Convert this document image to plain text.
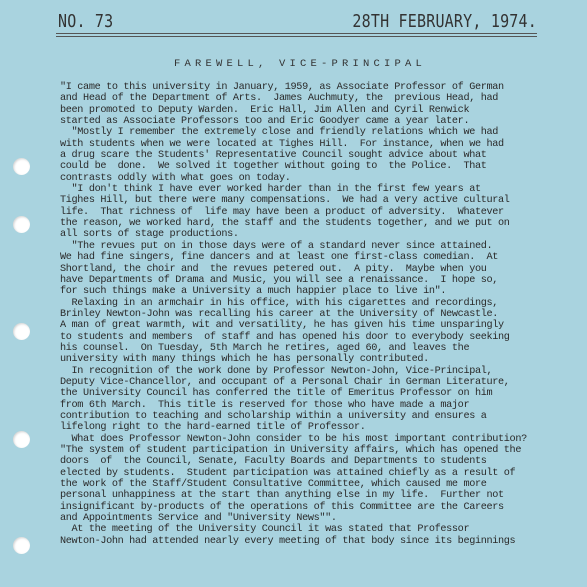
NO. 73	28TH FEBRUARY, 1974.
FAREWELL, VICE-PRINCIPAL
"I came to this university in January, 1959, as Associate Professor of German
and Head of the Department of Arts.  James Auchmuty, the  previous Head, had
been promoted to Deputy Warden.  Eric Hall, Jim Allen and Cyril Renwick
started as Associate Professors too and Eric Goodyer came a year later.
"Mostly I remember the extremely close and friendly relations which we had
with students when we were located at Tighes Hill.  For instance, when we had
a drug scare the Students' Representative Council sought advice about what
could be  done.  We solved it together without going to  the Police.  That
contrasts oddly with what goes on today.
"I don't think I have ever worked harder than in the first few years at
Tighes Hill, but there were many compensations.  We had a very active cultural
life.  That richness of  life may have been a product of adversity.  Whatever
the reason, we worked hard, the staff and the students together, and we put on
all sorts of stage productions.
"The revues put on in those days were of a standard never since attained.
We had fine singers, fine dancers and at least one first-class comedian.  At
Shortland, the choir and  the revues petered out.  A pity.  Maybe when you
have Departments of Drama and Music, you will see a renaissance.  I hope so,
for such things make a University a much happier place to live in".
Relaxing in an armchair in his office, with his cigarettes and recordings,
Brinley Newton-John was recalling his career at the University of Newcastle.
A man of great warmth, wit and versatility, he has given his time unsparingly
to students and members  of staff and has opened his door to everybody seeking
his counsel.  On Tuesday, 5th March he retires, aged 60, and leaves the
university with many things which he has personally contributed.
In recognition of the work done by Professor Newton-John, Vice-Principal,
Deputy Vice-Chancellor, and occupant of a Personal Chair in German Literature,
the University Council has conferred the title of Emeritus Professor on him
from 6th March.  This title is reserved for those who have made a major
contribution to teaching and scholarship within a university and ensures a
lifelong right to the hard-earned title of Professor.
What does Professor Newton-John consider to be his most important contribution?
"The system of student participation in University affairs, which has opened the
doors  of  the Council, Senate, Faculty Boards and Departments to students
elected by students.  Student participation was attained chiefly as a result of
the work of the Staff/Student Consultative Committee, which caused me more
personal unhappiness at the start than anything else in my life.  Further not
insignificant by-products of the operations of this Committee are the Careers
and Appointments Service and "University News"".
At the meeting of the University Council it was stated that Professor
Newton-John had attended nearly every meeting of that body since its beginnings
